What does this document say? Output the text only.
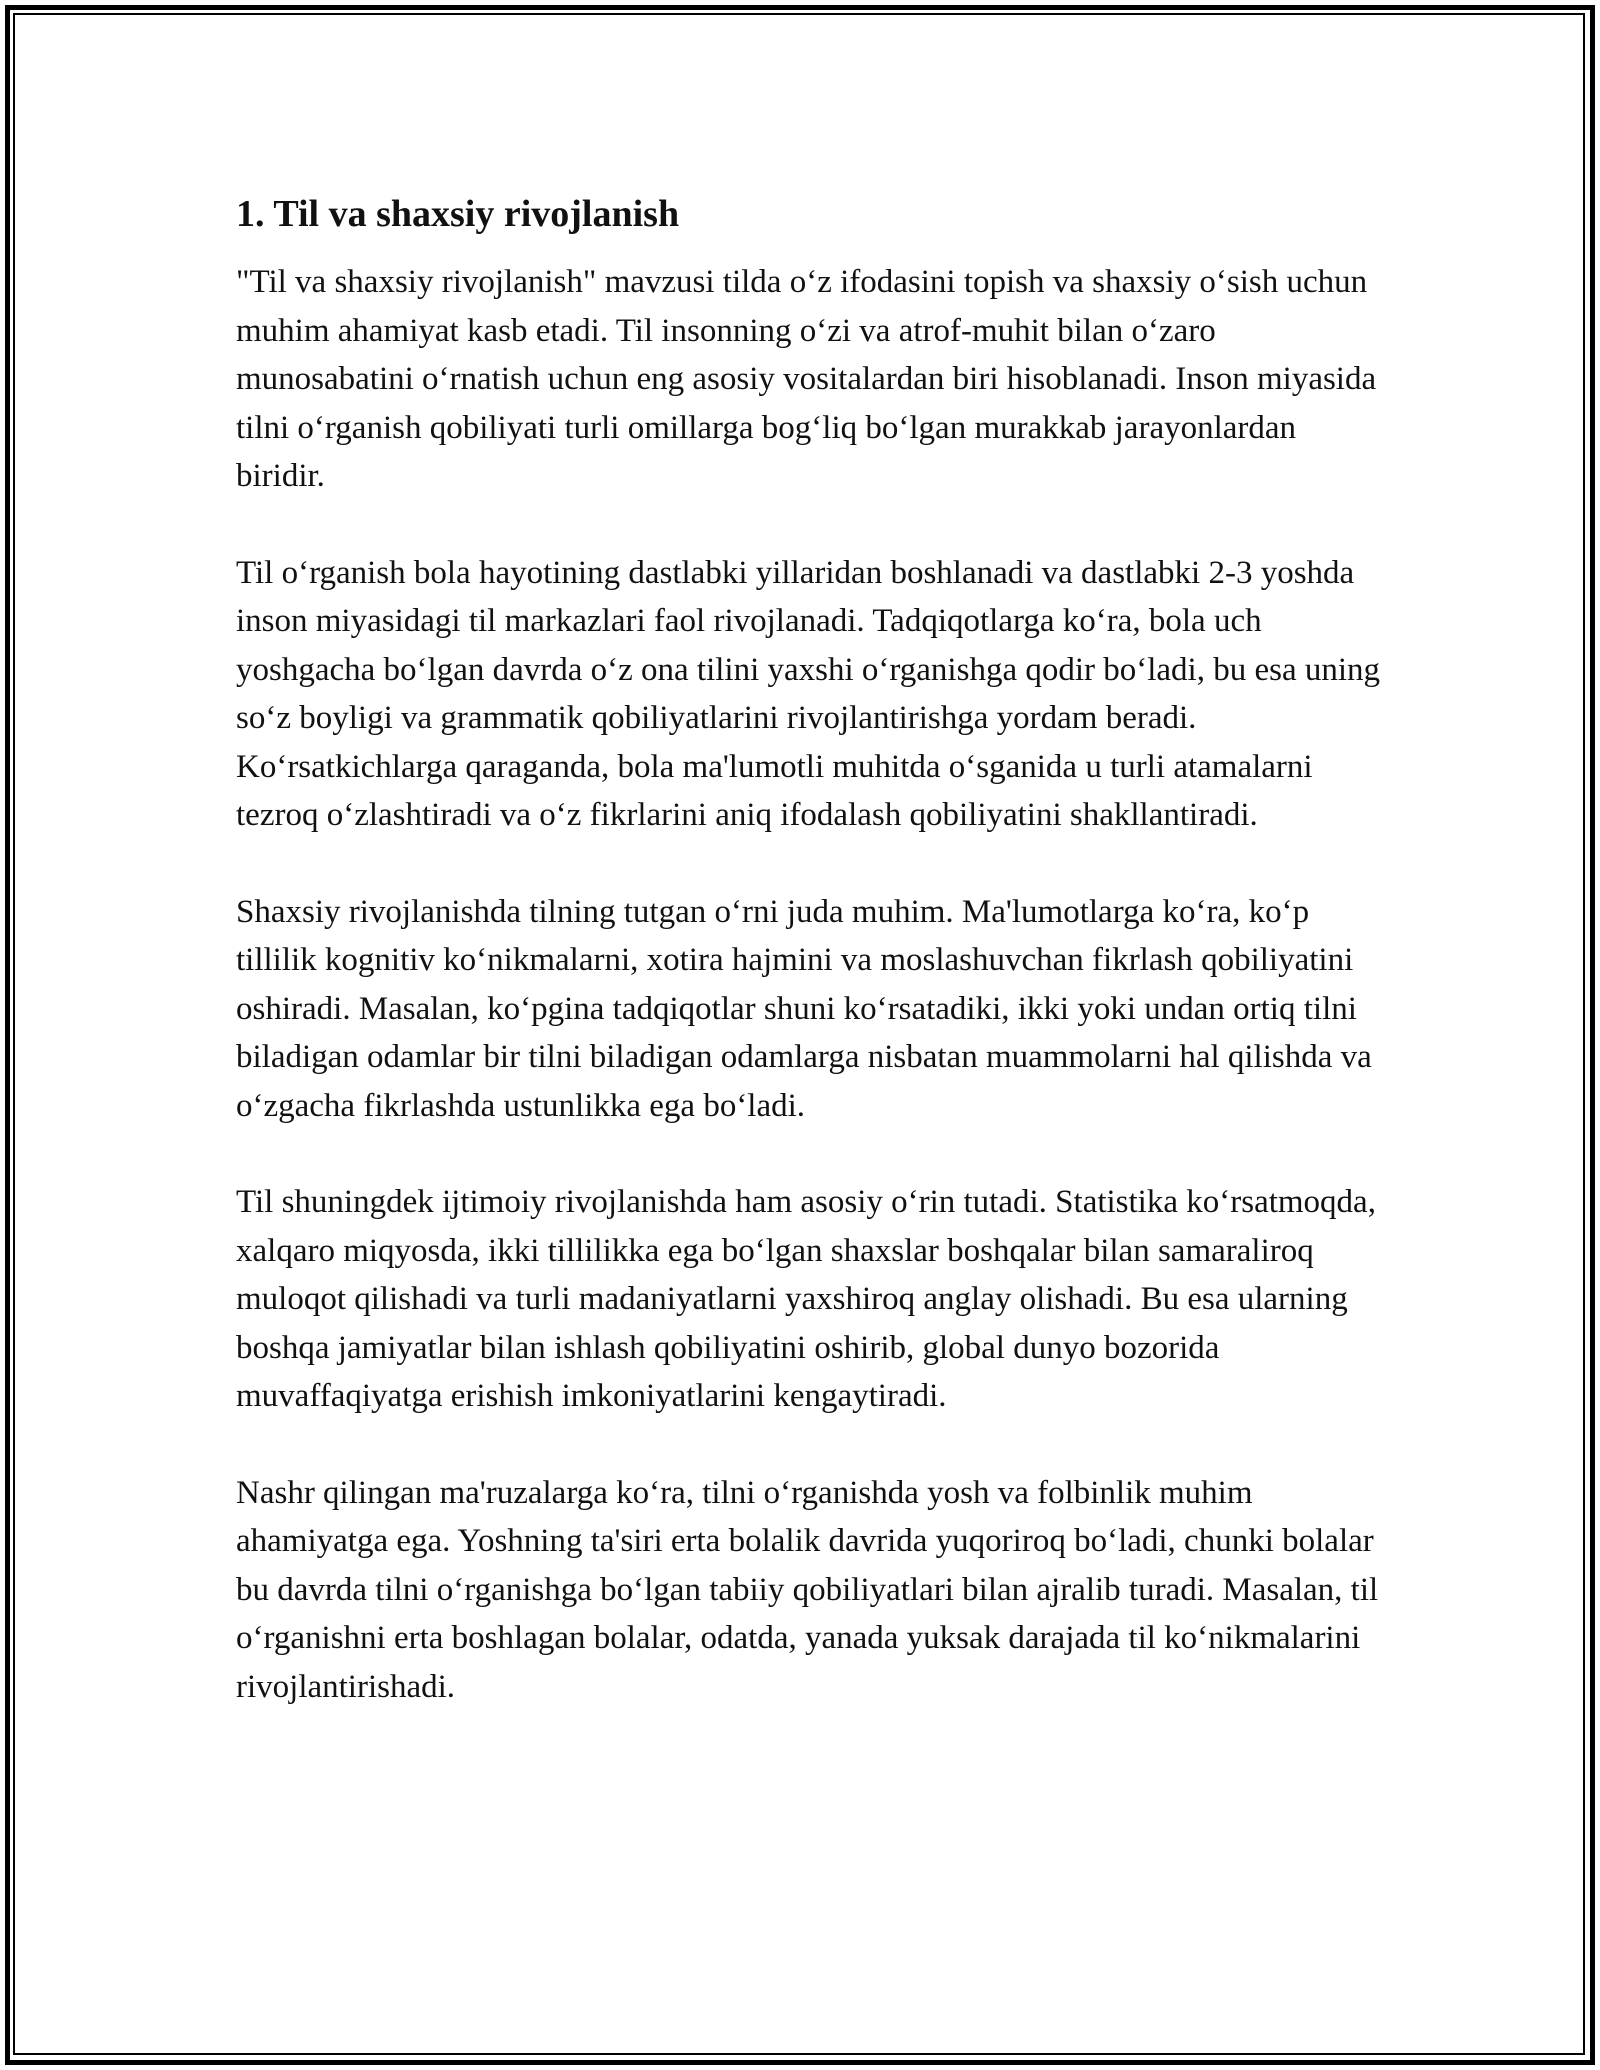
1. Til va shaxsiy rivojlanish

"Til va shaxsiy rivojlanish" mavzusi tilda o‘z ifodasini topish va shaxsiy o‘sish uchun muhim ahamiyat kasb etadi. Til insonning o‘zi va atrof-muhit bilan o‘zaro munosabatini o‘rnatish uchun eng asosiy vositalardan biri hisoblanadi. Inson miyasida tilni o‘rganish qobiliyati turli omillarga bog‘liq bo‘lgan murakkab jarayonlardan biridir.

Til o‘rganish bola hayotining dastlabki yillaridan boshlanadi va dastlabki 2-3 yoshda inson miyasidagi til markazlari faol rivojlanadi. Tadqiqotlarga ko‘ra, bola uch yoshgacha bo‘lgan davrda o‘z ona tilini yaxshi o‘rganishga qodir bo‘ladi, bu esa uning so‘z boyligi va grammatik qobiliyatlarini rivojlantirishga yordam beradi. Ko‘rsatkichlarga qaraganda, bola ma'lumotli muhitda o‘sganida u turli atamalarni tezroq o‘zlashtiradi va o‘z fikrlarini aniq ifodalash qobiliyatini shakllantiradi.

Shaxsiy rivojlanishda tilning tutgan o‘rni juda muhim. Ma'lumotlarga ko‘ra, ko‘p tillilik kognitiv ko‘nikmalarni, xotira hajmini va moslashuvchan fikrlash qobiliyatini oshiradi. Masalan, ko‘pgina tadqiqotlar shuni ko‘rsatadiki, ikki yoki undan ortiq tilni biladigan odamlar bir tilni biladigan odamlarga nisbatan muammolarni hal qilishda va o‘zgacha fikrlashda ustunlikka ega bo‘ladi.

Til shuningdek ijtimoiy rivojlanishda ham asosiy o‘rin tutadi. Statistika ko‘rsatmoqda, xalqaro miqyosda, ikki tillilikka ega bo‘lgan shaxslar boshqalar bilan samaraliroq muloqot qilishadi va turli madaniyatlarni yaxshiroq anglay olishadi. Bu esa ularning boshqa jamiyatlar bilan ishlash qobiliyatini oshirib, global dunyo bozorida muvaffaqiyatga erishish imkoniyatlarini kengaytiradi.

Nashr qilingan ma'ruzalarga ko‘ra, tilni o‘rganishda yosh va folbinlik muhim ahamiyatga ega. Yoshning ta'siri erta bolalik davrida yuqoriroq bo‘ladi, chunki bolalar bu davrda tilni o‘rganishga bo‘lgan tabiiy qobiliyatlari bilan ajralib turadi. Masalan, til o‘rganishni erta boshlagan bolalar, odatda, yanada yuksak darajada til ko‘nikmalarini rivojlantirishadi.
